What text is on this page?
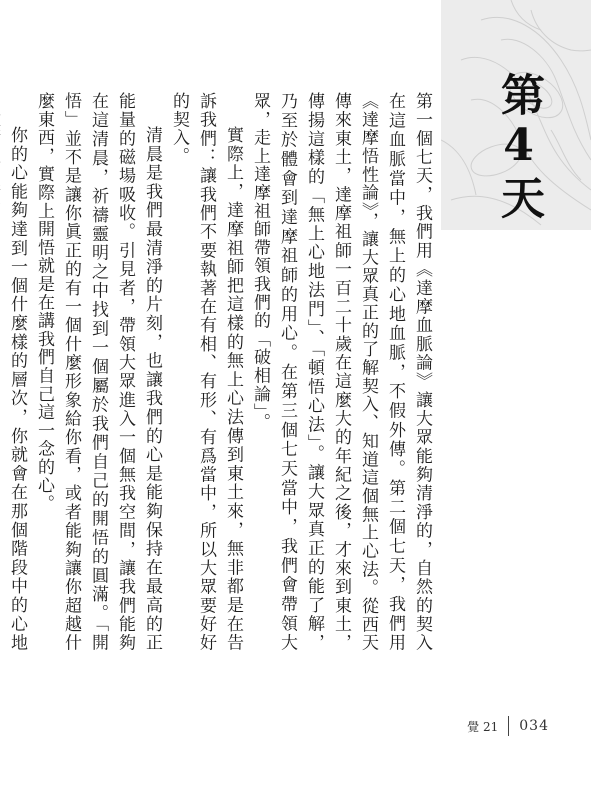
第4天

第一個七天，我們用《達摩血脈論》讓大眾能夠清淨的，自然的契入在這血脈當中，無上的心地血脈，不假外傳。第二個七天，我們用《達摩悟性論》，讓大眾真正的了解契入、知道這個無上心法。從西天傳來東土，達摩祖師一百二十歲在這麼大的年紀之後，才來到東土，傳揚這樣的「無上心地法門」、「頓悟心法」。讓大眾真正的能了解，乃至於體會到達摩祖師的用心。在第三個七天當中，我們會帶領大眾，走上達摩祖師帶領我們的「破相論」。

實際上，達摩祖師把這樣的無上心法傳到東土來，無非都是在告訴我們：讓我們不要執著在有相、有形、有爲當中，所以大眾要好好的契入。

清晨是我們最清淨的片刻，也讓我們的心是能夠保持在最高的正能量的磁場吸收。引見者，帶領大眾進入一個無我空間，讓我們能夠在這清晨，祈禱靈明之中找到一個屬於我們自己的開悟的圓滿。「開悟」並不是讓你眞正的有一個什麼形象給你看，或者能夠讓你超越什麼東西，實際上開悟就是在講我們自己這一念的心。

你的心能夠達到一個什麼樣的層次，你就會在那個階段中的心地

覺 21 034
